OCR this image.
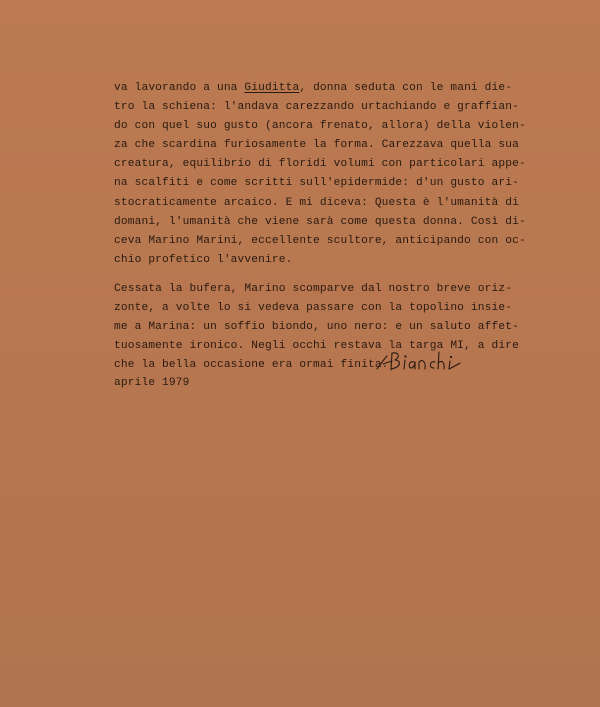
va lavorando a una Giuditta, donna seduta con le mani die-

tro la schiena: l'andava carezzando urtachiando e graffian-

do con quel suo gusto (ancora frenato, allora) della violen-

za che scardina furiosamente la forma. Carezzava quella sua

creatura, equilibrio di floridi volumi con particolari appe-

na scalfiti e come scritti sull'epidermide: d'un gusto ari-

stocraticamente arcaico. E mi diceva: Questa è l'umanità di

domani, l'umanità che viene sarà come questa donna. Così di-

ceva Marino Marini, eccellente scultore, anticipando con oc-

chio profetico l'avvenire.

Cessata la bufera, Marino scomparve dal nostro breve oriz-

zonte, a volte lo si vedeva passare con la topolino insie-

me a Marina: un soffio biondo, uno nero: e un saluto affet-

tuosamente ironico. Negli occhi restava la targa MI, a dire

che la bella occasione era ormai finita.

aprile 1979
